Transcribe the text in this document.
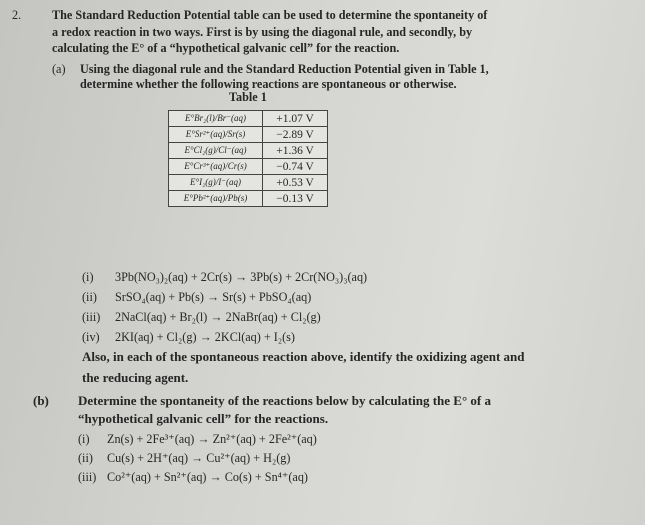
2.	The Standard Reduction Potential table can be used to determine the spontaneity of
a redox reaction in two ways. First is by using the diagonal rule, and secondly, by
calculating the E° of a “hypothetical galvanic cell” for the reaction.
(a) Using the diagonal rule and the Standard Reduction Potential given in Table 1,
determine whether the following reactions are spontaneous or otherwise.
Table 1
E°Br₂(l)/Br⁻(aq)	+1.07 V
E°Sr²⁺(aq)/Sr(s)	−2.89 V
E°Cl₂(g)/Cl⁻(aq)	+1.36 V
E°Cr³⁺(aq)/Cr(s)	−0.74 V
E°I₂(g)/I⁻(aq)	+0.53 V
E°Pb²⁺(aq)/Pb(s)	−0.13 V
(i) 3Pb(NO₃)₂(aq) + 2Cr(s) → 3Pb(s) + 2Cr(NO₃)₃(aq)
(ii) SrSO₄(aq) + Pb(s) → Sr(s) + PbSO₄(aq)
(iii) 2NaCl(aq) + Br₂(l) → 2NaBr(aq) + Cl₂(g)
(iv) 2KI(aq) + Cl₂(g) → 2KCl(aq) + I₂(s)
Also, in each of the spontaneous reaction above, identify the oxidizing agent and
the reducing agent.
(b) Determine the spontaneity of the reactions below by calculating the E° of a
“hypothetical galvanic cell” for the reactions.
(i) Zn(s) + 2Fe³⁺(aq) → Zn²⁺(aq) + 2Fe²⁺(aq)
(ii) Cu(s) + 2H⁺(aq) → Cu²⁺(aq) + H₂(g)
(iii) Co²⁺(aq) + Sn²⁺(aq) → Co(s) + Sn⁴⁺(aq)
